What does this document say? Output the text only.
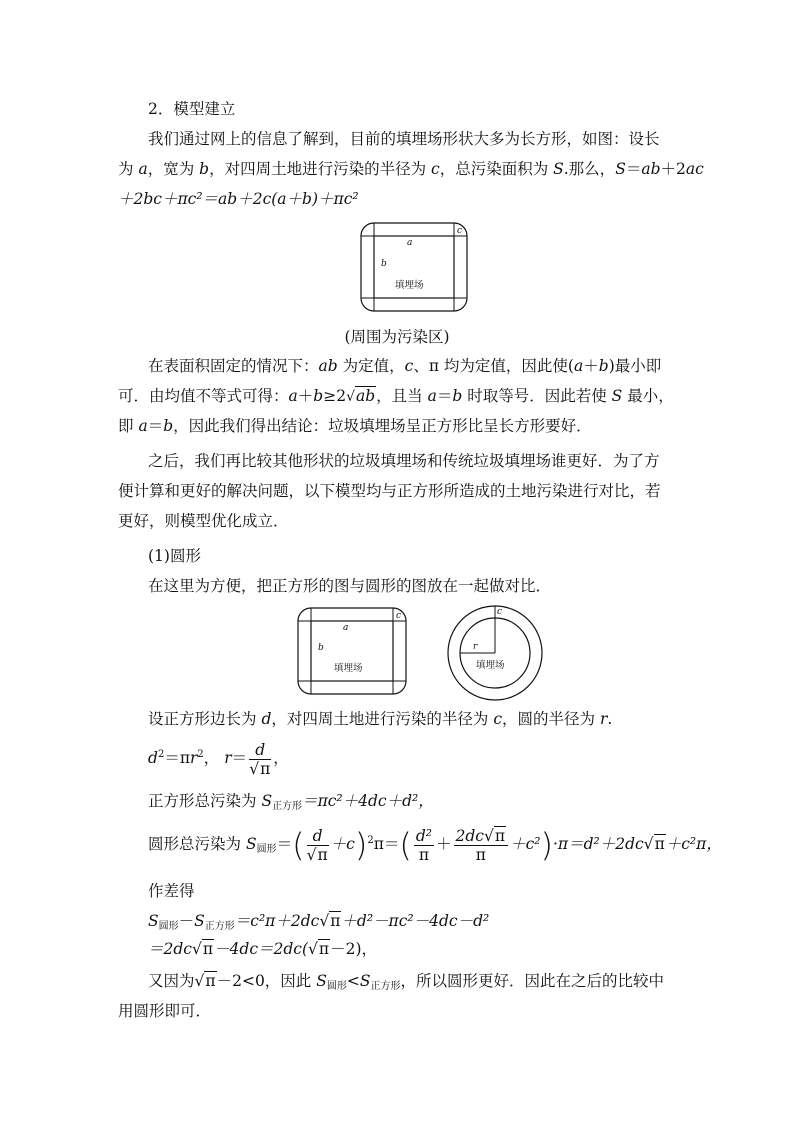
2．模型建立
我们通过网上的信息了解到，目前的填埋场形状大多为长方形，如图：设长
为 a，宽为 b，对四周土地进行污染的半径为 c，总污染面积为 S.那么，S＝ab＋2ac
＋2bc＋πc²＝ab＋2c(a＋b)＋πc²
a
b
c
填埋场
(周围为污染区)
在表面积固定的情况下：ab 为定值，c、π 均为定值，因此使(a＋b)最小即
可．由均值不等式可得：a＋b≥2√ab，且当 a＝b 时取等号．因此若使 S 最小，
即 a＝b，因此我们得出结论：垃圾填埋场呈正方形比呈长方形要好．
之后，我们再比较其他形状的垃圾填埋场和传统垃圾填埋场谁更好．为了方
便计算和更好的解决问题，以下模型均与正方形所造成的土地污染进行对比，若
更好，则模型优化成立．
(1)圆形
在这里为方便，把正方形的图与圆形的图放在一起做对比．
a
b
c
填埋场
c
r
填埋场
设正方形边长为 d，对四周土地进行污染的半径为 c，圆的半径为 r.
$d^2=\pi r^2$， $r= \frac{d}{√\pi}$ ，
正方形总污染为 $S_{正方形}=\pi c^2+4dc+d^2$，
圆形总污染为 $S_{圆形}=( \frac{d}{√\pi} +c)^2\pi=( \frac{\text{d²}}{\pi} + \frac{2dc√\pi}{\pi} +c^2)\cdot\pi=d^2+2dc√\pi+c^2\pi$，
作差得
$S_{圆形}-S_{正方形}=c^2\pi+2dc√\pi+d^2-\pi c^2-4dc-d^2$
＝2dc√π－4dc＝2dc(√π－2)，
又因为√π－2<0，因此 $S_{圆形}<S_{正方形}$，所以圆形更好．因此在之后的比较中
用圆形即可．
